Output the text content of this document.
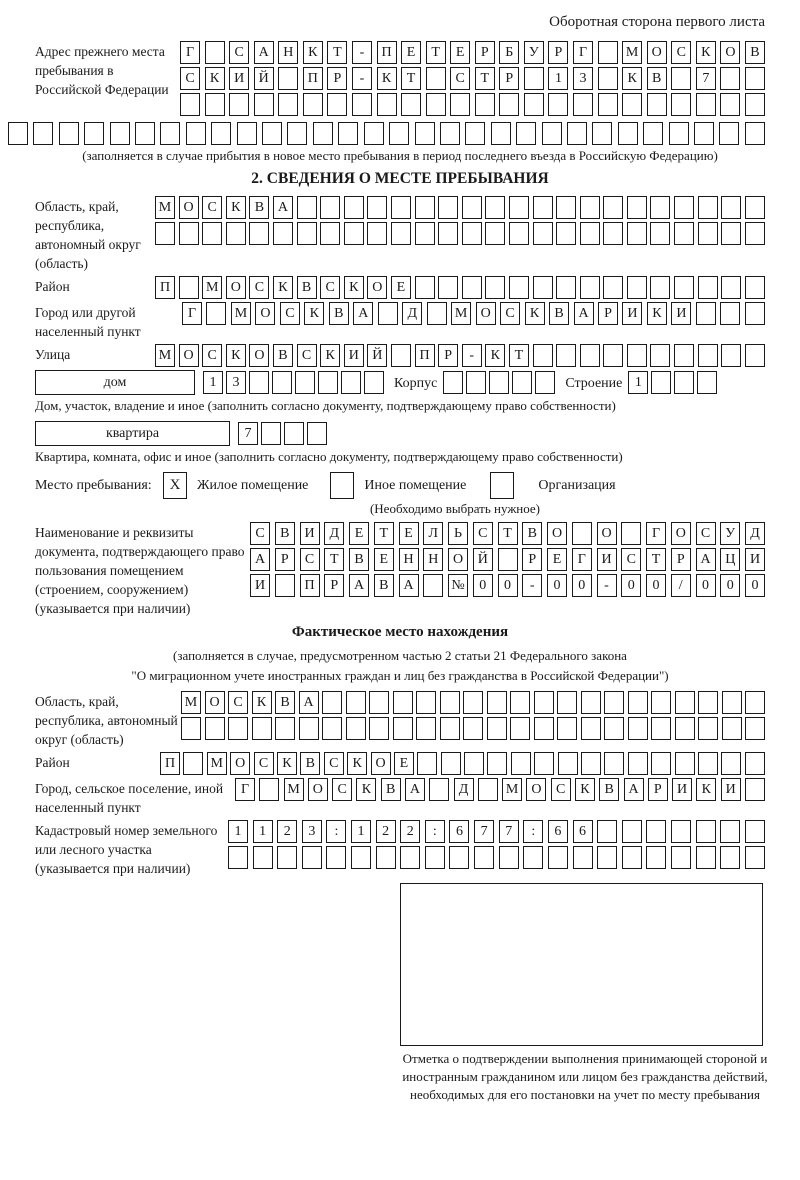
Оборотная сторона первого листа
Адрес прежнего места пребывания в Российской Федерации
Г	С	А	Н	К	Т	-	П	Е	Т	Е	Р	Б	У	Р	Г	М О	С	К	О	В
С	К	И	Й	П	Р	-	К	Т	С	Т	Р	1	3	К	В	7
(заполняется в случае прибытия в новое место пребывания в период последнего въезда в Российскую Федерацию)
2. СВЕДЕНИЯ О МЕСТЕ ПРЕБЫВАНИЯ
Область, край, республика, автономный округ (область)
М О С	К	В А
Район	П	М О С	К	В	С	К О	Е
Город или другой населенный пункт
Г	М О	С	К	В	А	Д	М О	С	К	В	А	Р	И	К	И
Улица	М О С	К О В	С	К И Й	П	Р	-	К	Т
дом	1	3	Корпус	Строение 1
Дом, участок, владение и иное (заполнить согласно документу, подтверждающему право собственности)
квартира	7
Квартира, комната, офис и иное (заполнить согласно документу, подтверждающему право собственности)
Место пребывания:	X	Жилое помещение	Иное помещение	Организация
(Необходимо выбрать нужное)
Наименование и реквизиты документа, подтверждающего право пользования помещением (строением, сооружением) (указывается при наличии)
С	В	И	Д	Е	Т	Е	Л	Ь	С	Т	В	О	О	Г	О	С	У	Д
А	Р	С	Т	В	Е	Н	Н	О	Й	Р	Е	Г	И	С	Т	Р	А	Ц	И
И	П	Р	А	В	А	№	0	0	-	0	0	-	0	0	/	0	0	0
Фактическое место нахождения
(заполняется в случае, предусмотренном частью 2 статьи 21 Федерального закона
"О миграционном учете иностранных граждан и лиц без гражданства в Российской Федерации")
Область, край, республика, автономный округ (область)
М О С	К	В А
Район	П	М О С	К	В	С	К О	Е
Город, сельское поселение, иной населенный пункт
Г	М О	С	К	В	А	Д	М О	С	К	В	А	Р	И	К	И
Кадастровый номер земельного или лесного участка (указывается при наличии)
1	1	2	3	:	1	2	2	:	6	7	7	:	6	6
Отметка о подтверждении выполнения принимающей стороной и иностранным гражданином или лицом без гражданства действий, необходимых для его постановки на учет по месту пребывания
